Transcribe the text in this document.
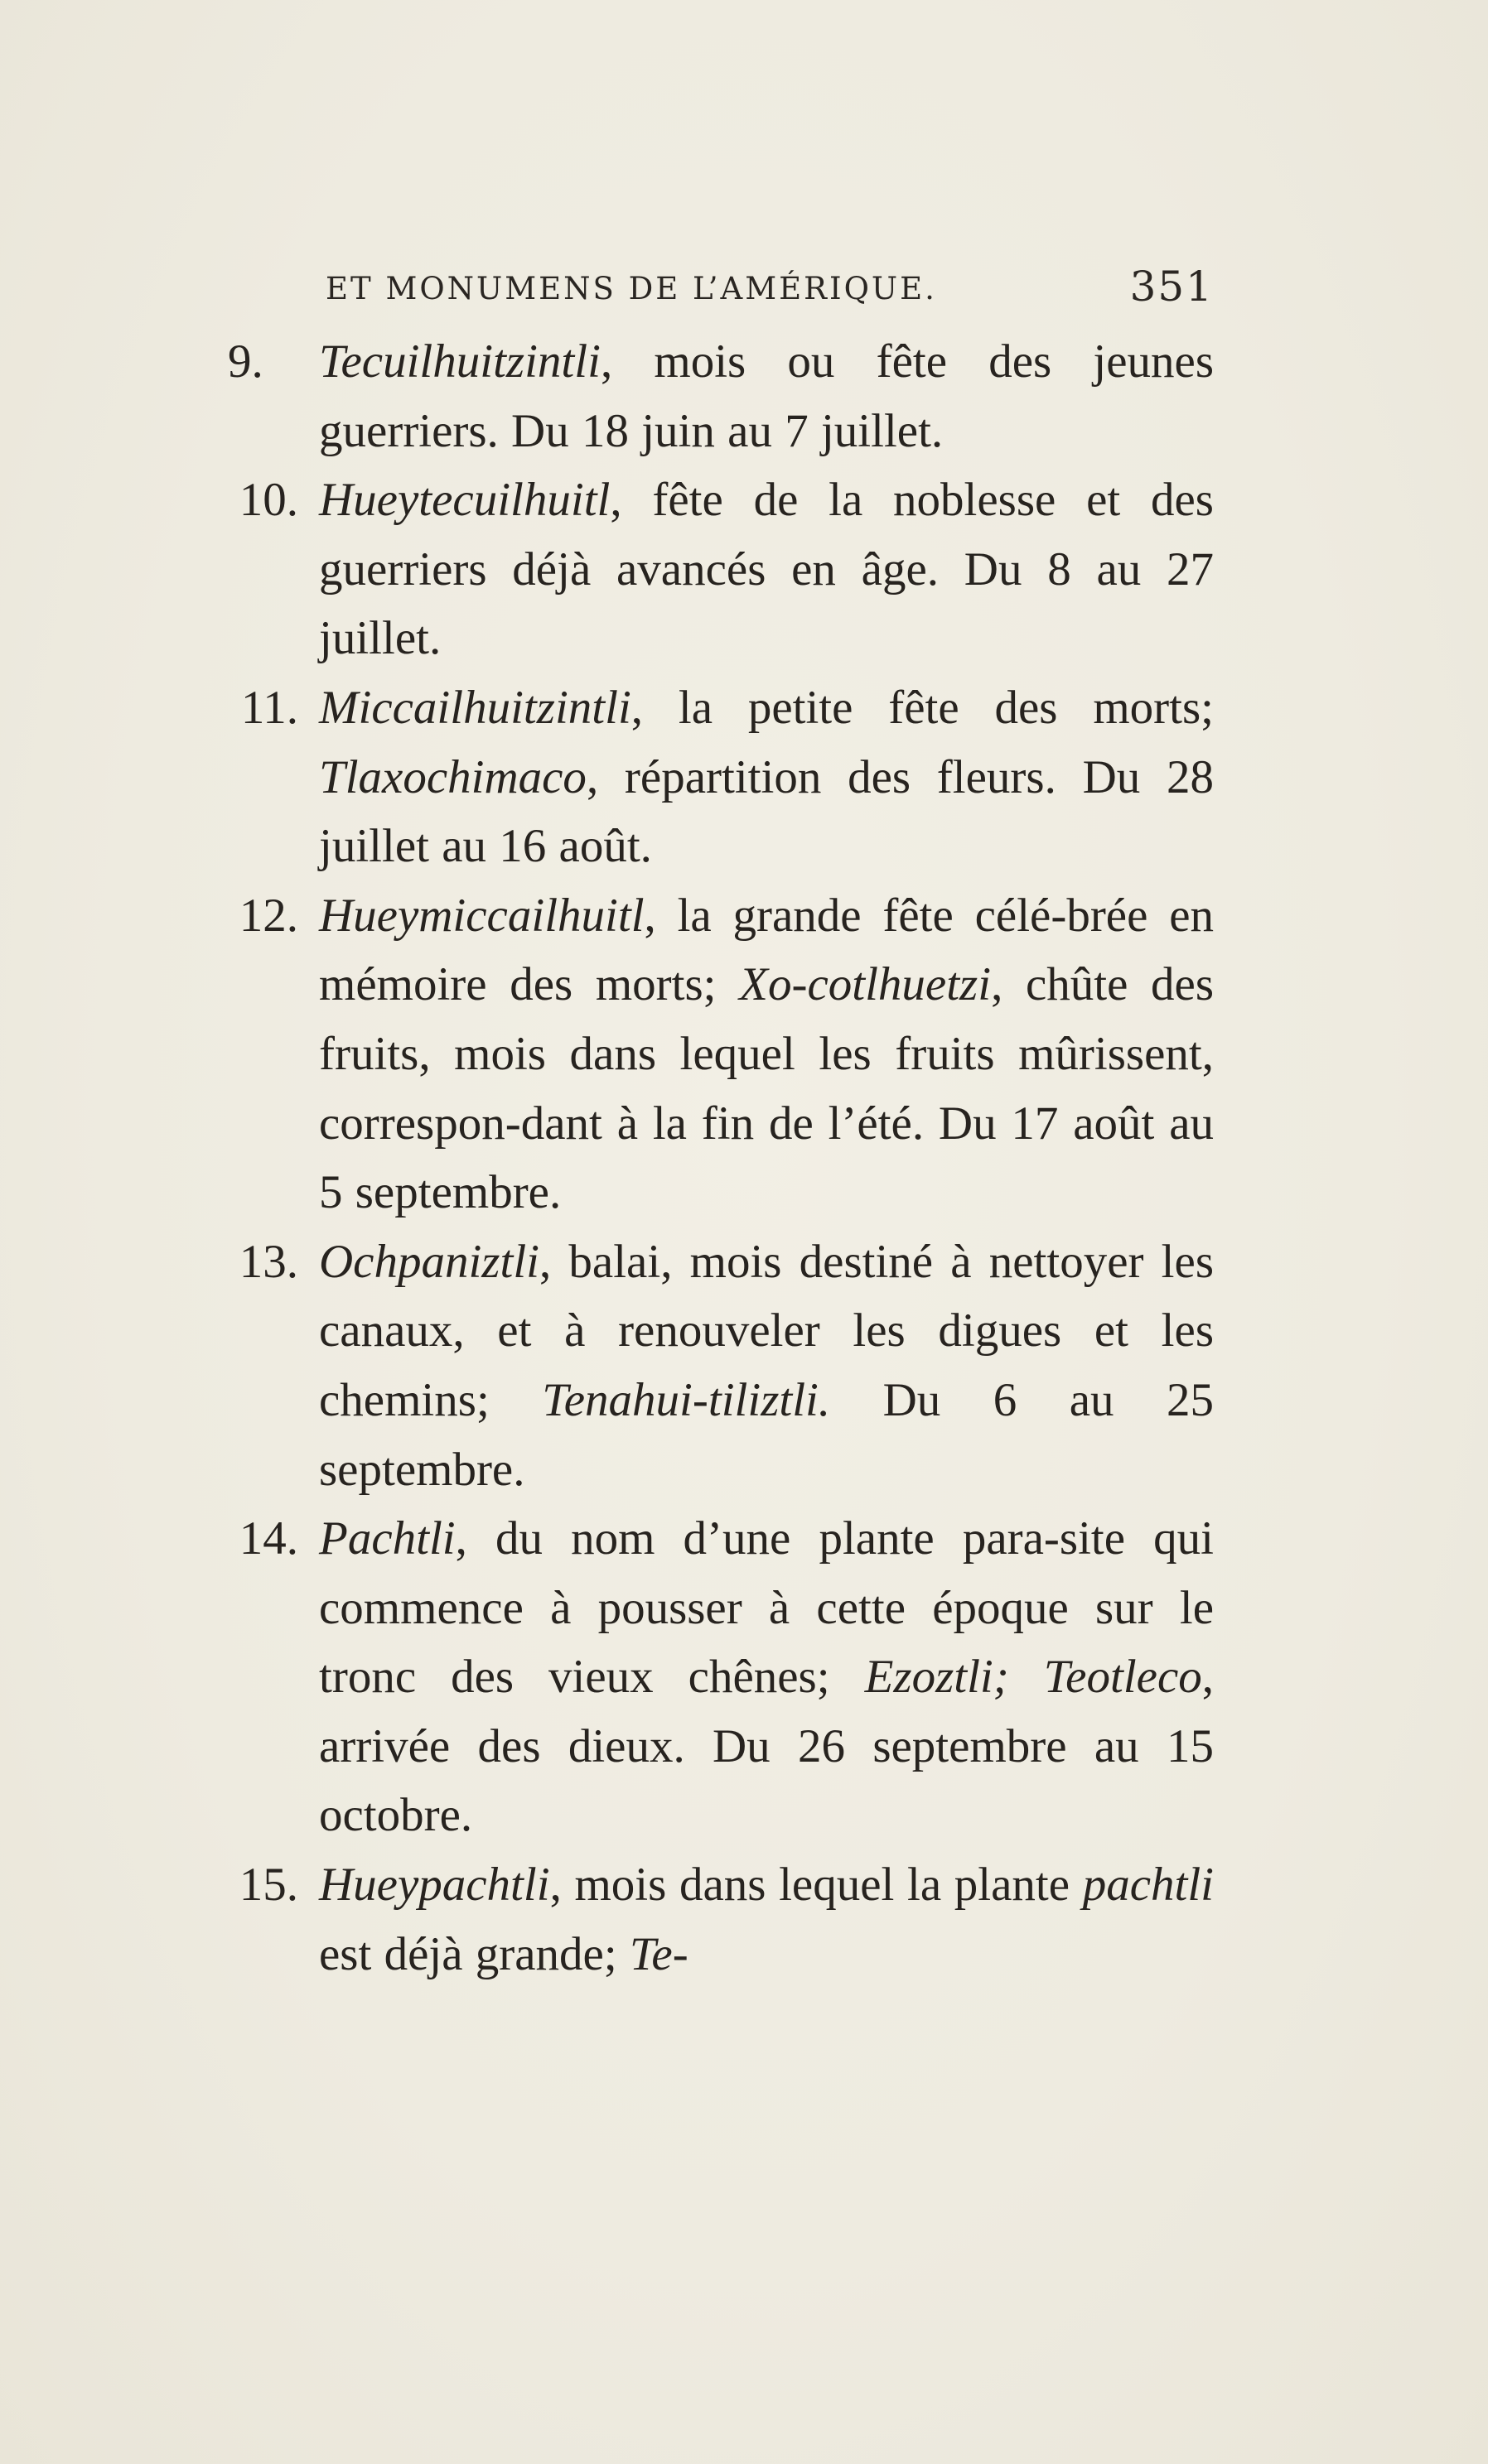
ET MONUMENS DE L’AMÉRIQUE.	351
9.	Tecuilhuitzintli, mois ou fête des jeunes guerriers. Du 18 juin au 7 juillet.
10. Hueytecuilhuitl, fête de la noblesse et des guerriers déjà avancés en âge. Du 8 au 27 juillet.
11. Miccailhuitzintli, la petite fête des morts; Tlaxochimaco, répartition des fleurs. Du 28 juillet au 16 août.
12. Hueymiccailhuitl, la grande fête célé-brée en mémoire des morts; Xo-cotlhuetzi, chûte des fruits, mois dans lequel les fruits mûrissent, correspon-dant à la fin de l’été. Du 17 août au 5 septembre.
13. Ochpaniztli, balai, mois destiné à nettoyer les canaux, et à renouveler les digues et les chemins; Tenahui-tiliztli. Du 6 au 25 septembre.
14. Pachtli, du nom d’une plante para-site qui commence à pousser à cette époque sur le tronc des vieux chênes; Ezoztli; Teotleco, arrivée des dieux. Du 26 septembre au 15 octobre.
15. Hueypachtli, mois dans lequel la plante pachtli est déjà grande; Te-
